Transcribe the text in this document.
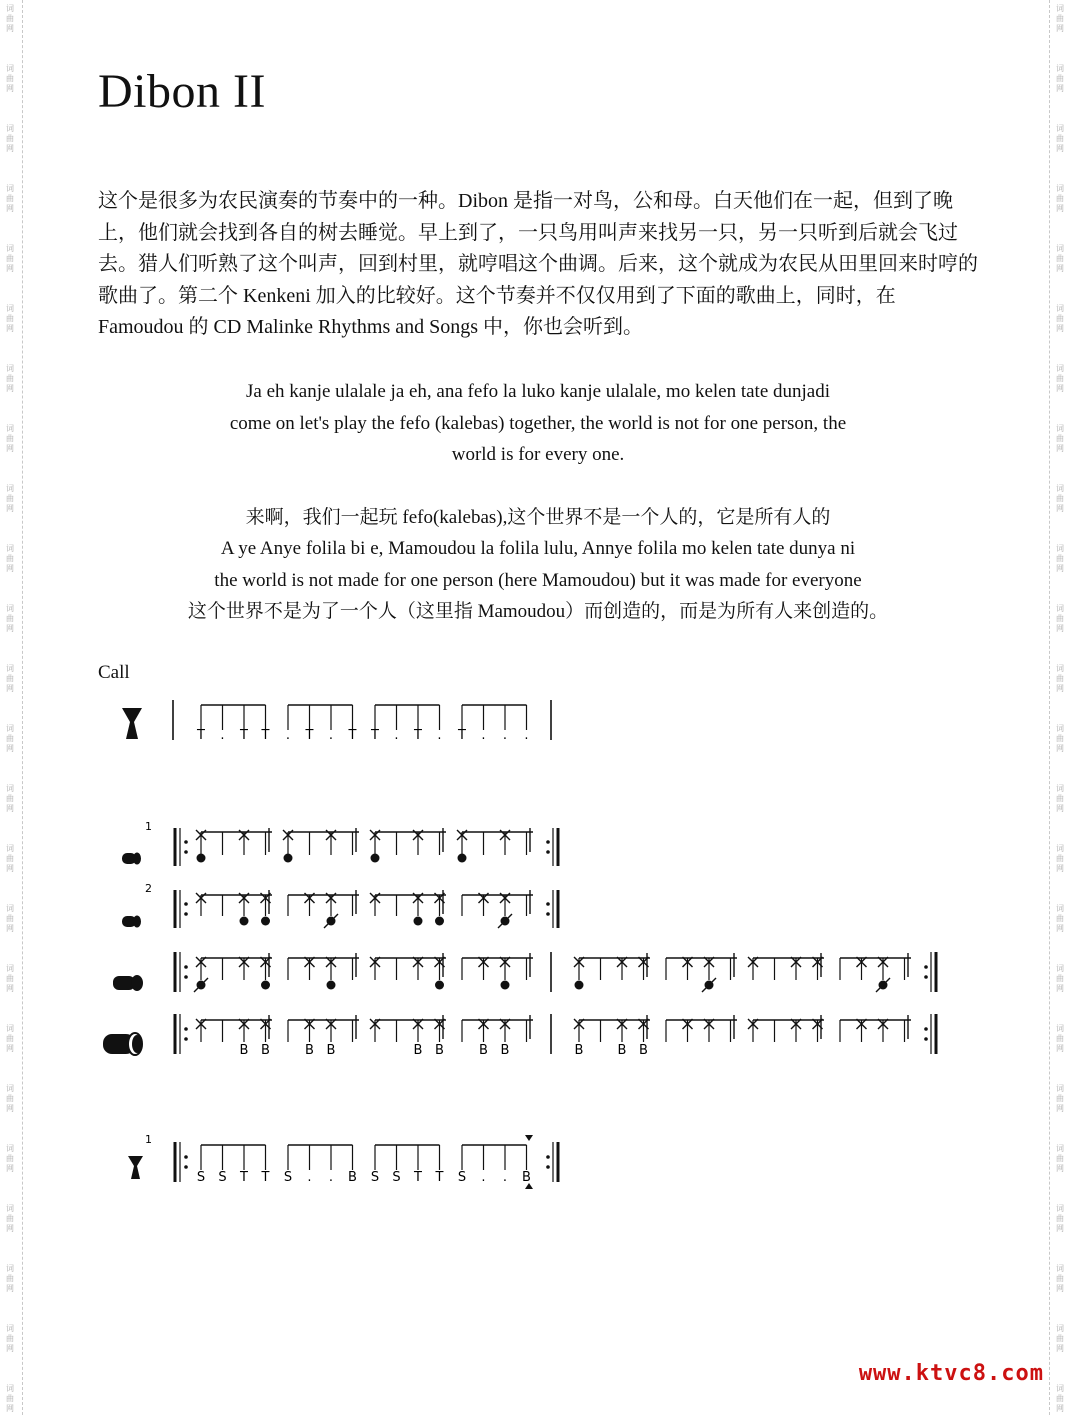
词
曲
网
词
曲
网
词
曲
网
词
曲
网
词
曲
网
词
曲
网
词
曲
网
词
曲
网
词
曲
网
词
曲
网
词
曲
网
词
曲
网
词
曲
网
词
曲
网
词
曲
网
词
曲
网
词
曲
网
词
曲
网
词
曲
网
词
曲
网
词
曲
网
词
曲
网
词
曲
网
词
曲
网
词
曲
网
词
曲
网
词
曲
网
词
曲
网
词
曲
网
词
曲
网
词
曲
网
词
曲
网
词
曲
网
词
曲
网
词
曲
网
词
曲
网
词
曲
网
词
曲
网
词
曲
网
词
曲
网
词
曲
网
词
曲
网
词
曲
网
词
曲
网
词
曲
网
词
曲
网
词
曲
网
词
曲
网
Dibon II

这个是很多为农民演奏的节奏中的一种。Dibon 是指一对鸟，公和母。白天他们在一起，但到了晚上，他们就会找到各自的树去睡觉。早上到了，一只鸟用叫声来找另一只，另一只听到后就会飞过去。猎人们听熟了这个叫声，回到村里，就哼唱这个曲调。后来，这个就成为农民从田里回来时哼的歌曲了。第二个 Kenkeni 加入的比较好。这个节奏并不仅仅用到了下面的歌曲上，同时，在 Famoudou 的 CD Malinke Rhythms and Songs 中，你也会听到。

Ja eh kanje ulalale ja eh, ana fefo la luko kanje ulalale, mo kelen tate dunjadi

come on let's play the fefo (kalebas) together, the world is not for one person, the

world is for every one.

来啊，我们一起玩 fefo(kalebas),这个世界不是一个人的，它是所有人的

A ye Anye folila bi e, Mamoudou la folila lulu, Annye folila mo kelen tate dunya ni

the world is not made for one person (here Mamoudou) but it was made for everyone

这个世界不是为了一个人（这里指 Mamoudou）而创造的，而是为所有人来创造的。

Call
1
2
1
T . T T . T . T T . T . T . . .
B B	B B	B B	B B	B	B B
S S T T S . . B S S T T S . . B
www.ktvc8.com
